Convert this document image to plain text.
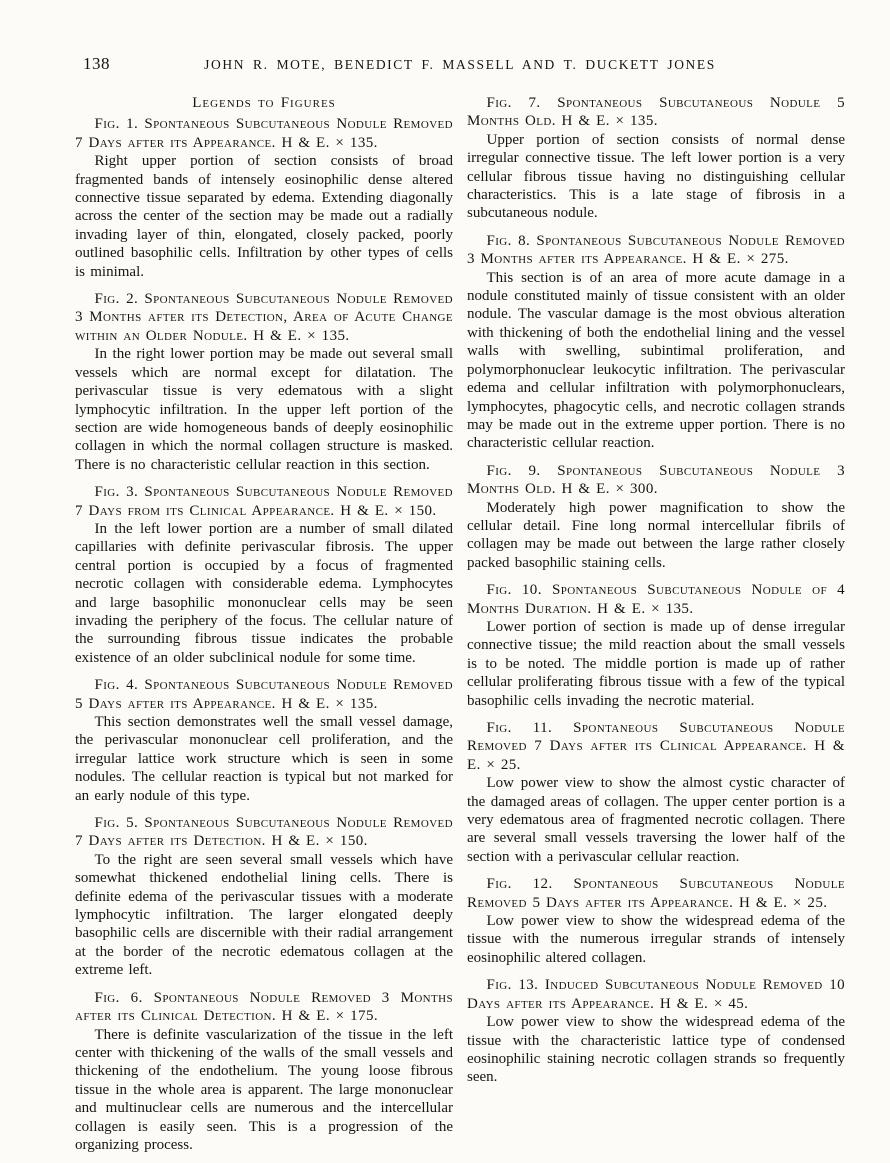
138	JOHN R. MOTE, BENEDICT F. MASSELL AND T. DUCKETT JONES
Legends to Figures

Fig. 1. Spontaneous Subcutaneous Nodule Removed 7 Days after its Appearance. H & E. × 135.

Right upper portion of section consists of broad fragmented bands of intensely eosinophilic dense altered connective tissue separated by edema. Extending diagonally across the center of the section may be made out a radially invading layer of thin, elongated, closely packed, poorly outlined basophilic cells. Infiltration by other types of cells is minimal.

Fig. 2. Spontaneous Subcutaneous Nodule Removed 3 Months after its Detection, Area of Acute Change within an Older Nodule. H & E. × 135.

In the right lower portion may be made out several small vessels which are normal except for dilatation. The perivascular tissue is very edematous with a slight lymphocytic infiltration. In the upper left portion of the section are wide homogeneous bands of deeply eosinophilic collagen in which the normal collagen structure is masked. There is no characteristic cellular reaction in this section.

Fig. 3. Spontaneous Subcutaneous Nodule Removed 7 Days from its Clinical Appearance. H & E. × 150.

In the left lower portion are a number of small dilated capillaries with definite perivascular fibrosis. The upper central portion is occupied by a focus of fragmented necrotic collagen with considerable edema. Lymphocytes and large basophilic mononuclear cells may be seen invading the periphery of the focus. The cellular nature of the surrounding fibrous tissue indicates the probable existence of an older subclinical nodule for some time.

Fig. 4. Spontaneous Subcutaneous Nodule Removed 5 Days after its Appearance. H & E. × 135.

This section demonstrates well the small vessel damage, the perivascular mononuclear cell proliferation, and the irregular lattice work structure which is seen in some nodules. The cellular reaction is typical but not marked for an early nodule of this type.

Fig. 5. Spontaneous Subcutaneous Nodule Removed 7 Days after its Detection. H & E. × 150.

To the right are seen several small vessels which have somewhat thickened endothelial lining cells. There is definite edema of the perivascular tissues with a moderate lymphocytic infiltration. The larger elongated deeply basophilic cells are discernible with their radial arrangement at the border of the necrotic edematous collagen at the extreme left.

Fig. 6. Spontaneous Nodule Removed 3 Months after its Clinical Detection. H & E. × 175.

There is definite vascularization of the tissue in the left center with thickening of the walls of the small vessels and thickening of the endothelium. The young loose fibrous tissue in the whole area is apparent. The large mononuclear and multinuclear cells are numerous and the intercellular collagen is easily seen. This is a progression of the organizing process.

Fig. 7. Spontaneous Subcutaneous Nodule 5 Months Old. H & E. × 135.

Upper portion of section consists of normal dense irregular connective tissue. The left lower portion is a very cellular fibrous tissue having no distinguishing cellular characteristics. This is a late stage of fibrosis in a subcutaneous nodule.

Fig. 8. Spontaneous Subcutaneous Nodule Removed 3 Months after its Appearance. H & E. × 275.

This section is of an area of more acute damage in a nodule constituted mainly of tissue consistent with an older nodule. The vascular damage is the most obvious alteration with thickening of both the endothelial lining and the vessel walls with swelling, subintimal proliferation, and polymorphonuclear leukocytic infiltration. The perivascular edema and cellular infiltration with polymorphonuclears, lymphocytes, phagocytic cells, and necrotic collagen strands may be made out in the extreme upper portion. There is no characteristic cellular reaction.

Fig. 9. Spontaneous Subcutaneous Nodule 3 Months Old. H & E. × 300.

Moderately high power magnification to show the cellular detail. Fine long normal intercellular fibrils of collagen may be made out between the large rather closely packed basophilic staining cells.

Fig. 10. Spontaneous Subcutaneous Nodule of 4 Months Duration. H & E. × 135.

Lower portion of section is made up of dense irregular connective tissue; the mild reaction about the small vessels is to be noted. The middle portion is made up of rather cellular proliferating fibrous tissue with a few of the typical basophilic cells invading the necrotic material.

Fig. 11. Spontaneous Subcutaneous Nodule Removed 7 Days after its Clinical Appearance. H & E. × 25.

Low power view to show the almost cystic character of the damaged areas of collagen. The upper center portion is a very edematous area of fragmented necrotic collagen. There are several small vessels traversing the lower half of the section with a perivascular cellular reaction.

Fig. 12. Spontaneous Subcutaneous Nodule Removed 5 Days after its Appearance. H & E. × 25.

Low power view to show the widespread edema of the tissue with the numerous irregular strands of intensely eosinophilic altered collagen.

Fig. 13. Induced Subcutaneous Nodule Removed 10 Days after its Appearance. H & E. × 45.

Low power view to show the widespread edema of the tissue with the characteristic lattice type of condensed eosinophilic staining necrotic collagen strands so frequently seen.
